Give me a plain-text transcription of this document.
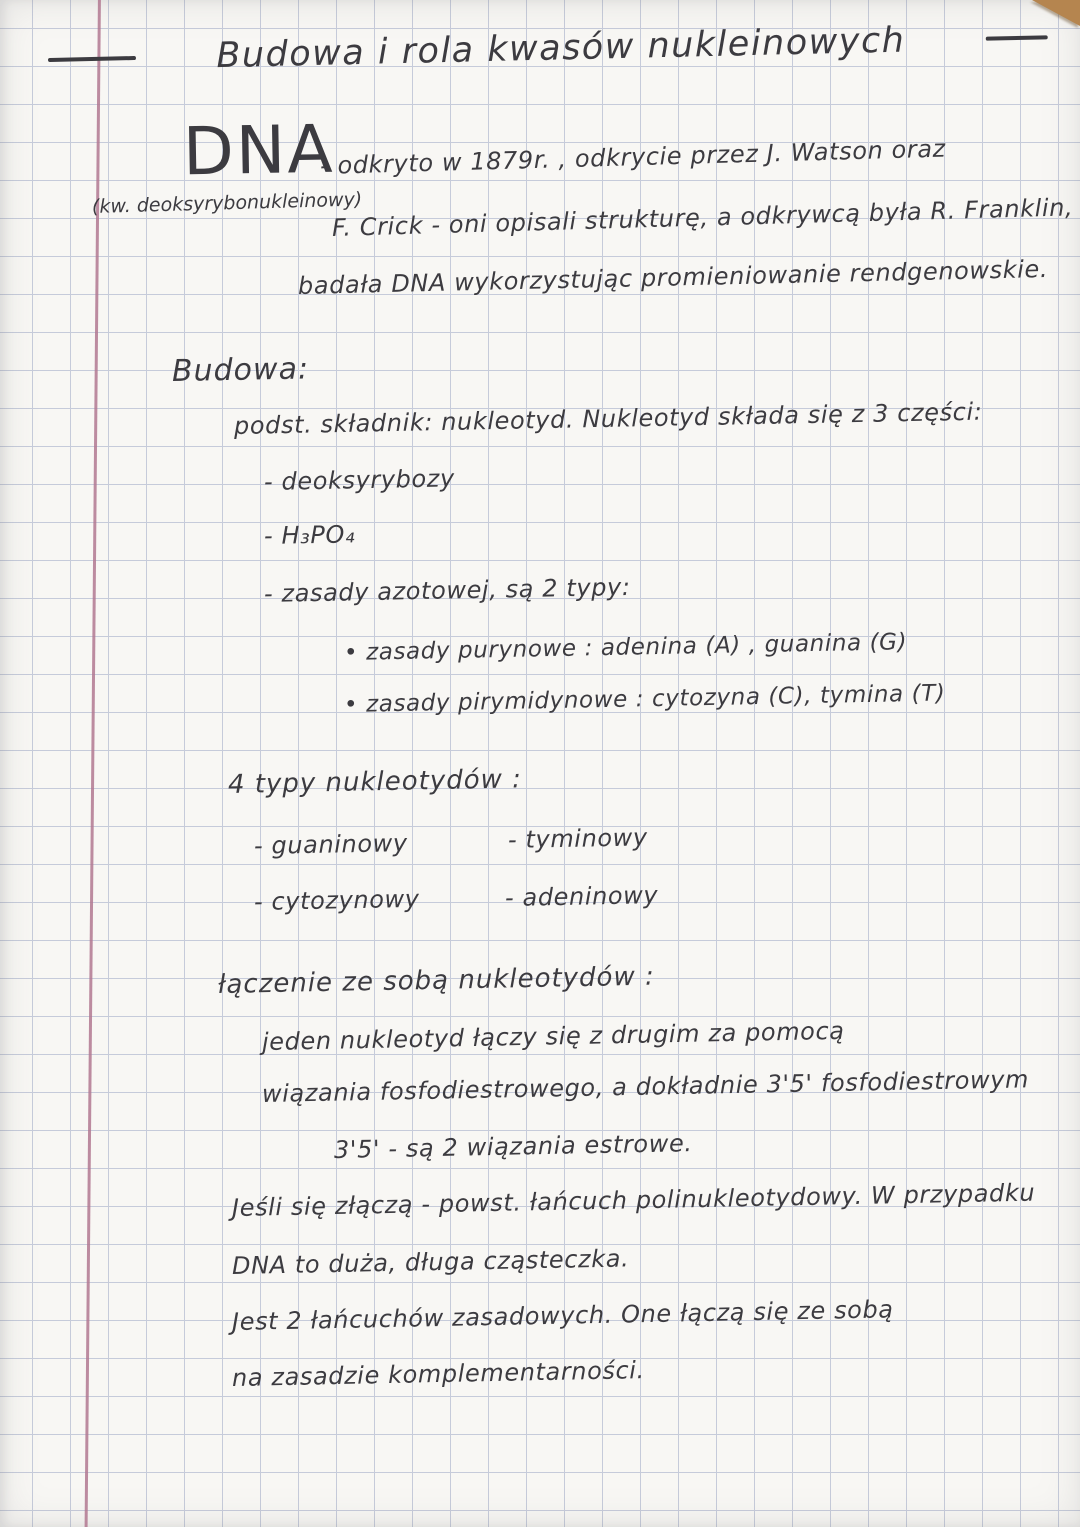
Budowa i rola kwasów nukleinowych
DNA
(kw. deoksyrybonukleinowy)
- odkryto w 1879r. , odkrycie przez J. Watson oraz
F. Crick - oni opisali strukturę, a odkrywcą była R. Franklin,
badała DNA wykorzystując promieniowanie rendgenowskie.
Budowa:
podst. składnik: nukleotyd. Nukleotyd składa się z 3 części:
- deoksyrybozy
- H₃PO₄
- zasady azotowej, są 2 typy:
• zasady purynowe : adenina (A) , guanina (G)
• zasady pirymidynowe : cytozyna (C), tymina (T)
4 typy nukleotydów :
- guaninowy	- tyminowy
- cytozynowy	- adeninowy
łączenie ze sobą nukleotydów :
jeden nukleotyd łączy się z drugim za pomocą
wiązania fosfodiestrowego, a dokładnie 3'5' fosfodiestrowym
3'5' - są 2 wiązania estrowe.
Jeśli się złączą - powst. łańcuch polinukleotydowy. W przypadku
DNA to duża, długa cząsteczka.
Jest 2 łańcuchów zasadowych. One łączą się ze sobą
na zasadzie komplementarności.
